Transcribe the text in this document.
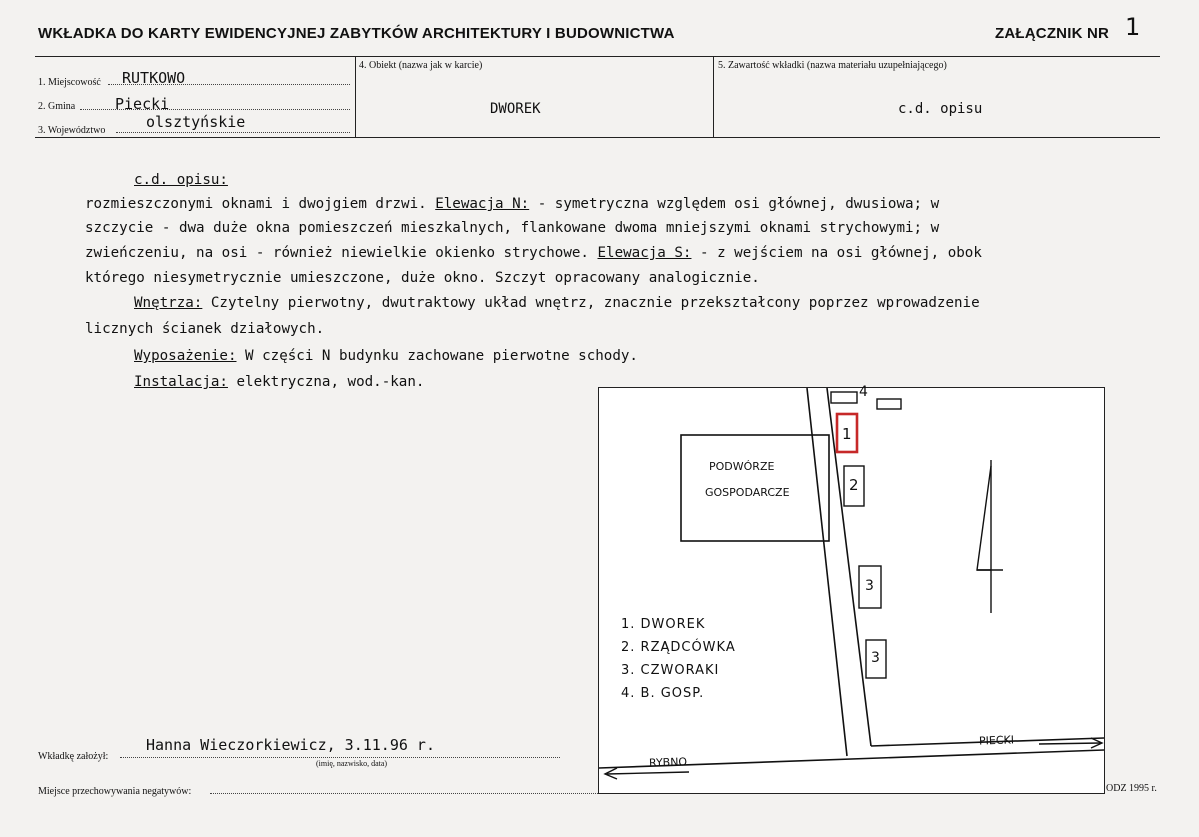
WKŁADKA DO KARTY EWIDENCYJNEJ ZABYTKÓW ARCHITEKTURY I BUDOWNICTWA	ZAŁĄCZNIK NR 1
1. Miejscowość RUTKOWO
2. Gmina	Piecki
3. Województwo	olsztyńskie
4. Obiekt (nazwa jak w karcie)
DWOREK
5. Zawartość wkładki (nazwa materiału uzupełniającego)
c.d. opisu
c.d. opisu:
rozmieszczonymi oknami i dwojgiem drzwi. Elewacja N: - symetryczna względem osi głównej, dwusiowa; w
szczycie - dwa duże okna pomieszczeń mieszkalnych, flankowane dwoma mniejszymi oknami strychowymi; w
zwieńczeniu, na osi - również niewielkie okienko strychowe. Elewacja S: - z wejściem na osi głównej, obok
którego niesymetrycznie umieszczone, duże okno. Szczyt opracowany analogicznie.
Wnętrza: Czytelny pierwotny, dwutraktowy układ wnętrz, znacznie przekształcony poprzez wprowadzenie
licznych ścianek działowych.
Wyposażenie: W części N budynku zachowane pierwotne schody.
Instalacja: elektryczna, wod.-kan.
PODWÓRZE
GOSPODARCZE
1
2
3
3
4
1. DWOREK
2. RZĄDCÓWKA
3. CZWORAKI
4. B. GOSP.
RYBNO
PIECKI
Wkładkę założył:
Hanna Wieczorkiewicz, 3.11.96 r.
(imię, nazwisko, data)
Miejsce przechowywania negatywów:	ODZ 1995 r.
